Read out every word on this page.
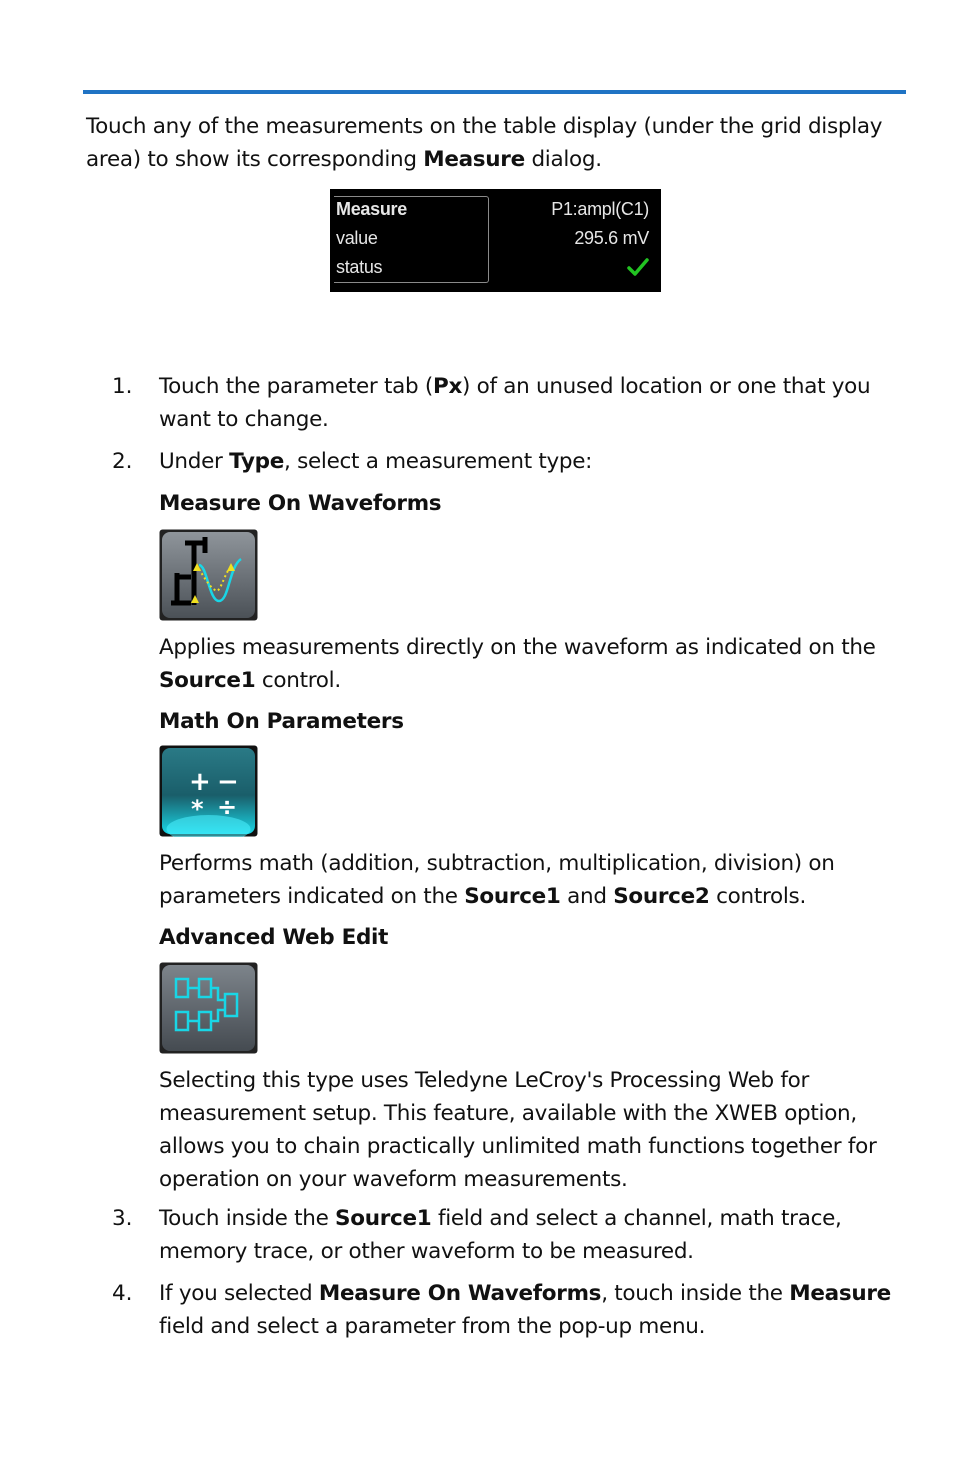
Touch any of the measurements on the table display (under the grid display area) to show its corresponding Measure dialog.

Measure
value
status
P1:ampl(C1)
295.6 mV
1. Touch the parameter tab (Px) of an unused location or one that you want to change.

2. Under Type, select a measurement type:

Measure On Waveforms

Applies measurements directly on the waveform as indicated on the Source1 control.

Math On Parameters
+ −
* ÷

Performs math (addition, subtraction, multiplication, division) on parameters indicated on the Source1 and Source2 controls.

Advanced Web Edit

Selecting this type uses Teledyne LeCroy's Processing Web for measurement setup. This feature, available with the XWEB option, allows you to chain practically unlimited math functions together for operation on your waveform measurements.

3. Touch inside the Source1 field and select a channel, math trace, memory trace, or other waveform to be measured.

4. If you selected Measure On Waveforms, touch inside the Measure field and select a parameter from the pop-up menu.
